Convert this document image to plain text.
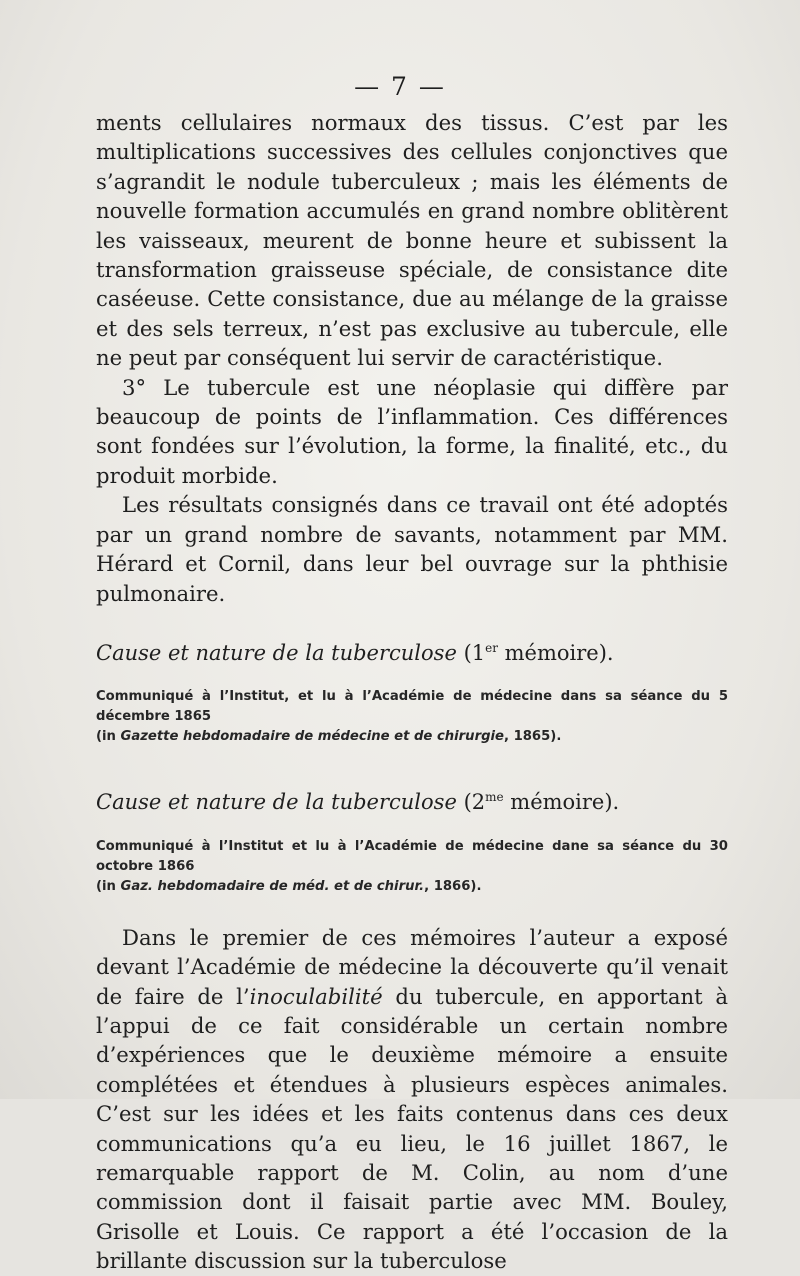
— 7 —

ments cellulaires normaux des tissus. C’est par les multiplications successives des cellules conjonctives que s’agrandit le nodule tuberculeux ; mais les éléments de nouvelle formation accumulés en grand nombre oblitèrent les vaisseaux, meurent de bonne heure et subissent la transformation graisseuse spéciale, de consistance dite caséeuse. Cette consistance, due au mélange de la graisse et des sels terreux, n’est pas exclusive au tubercule, elle ne peut par conséquent lui servir de caractéristique.

3° Le tubercule est une néoplasie qui diffère par beaucoup de points de l’inflammation. Ces différences sont fondées sur l’évolution, la forme, la finalité, etc., du produit morbide.

Les résultats consignés dans ce travail ont été adoptés par un grand nombre de savants, notamment par MM. Hérard et Cornil, dans leur bel ouvrage sur la phthisie pulmonaire.

Cause et nature de la tuberculose (1er mémoire).

Communiqué à l’Institut, et lu à l’Académie de médecine dans sa séance du 5 décembre 1865

(in Gazette hebdomadaire de médecine et de chirurgie, 1865).

Cause et nature de la tuberculose ($2^{me}$ mémoire).

Communiqué à l’Institut et lu à l’Académie de médecine dane sa séance du 30 octobre 1866

(in Gaz. hebdomadaire de méd. et de chirur., 1866).

Dans le premier de ces mémoires l’auteur a exposé devant l’Académie de médecine la découverte qu’il venait de faire de l’inoculabilité du tubercule, en apportant à l’appui de ce fait considérable un certain nombre d’expériences que le deuxième mémoire a ensuite complétées et étendues à plusieurs espèces animales. C’est sur les idées et les faits contenus dans ces deux communications qu’a eu lieu, le 16 juillet 1867, le remarquable rapport de M. Colin, au nom d’une commission dont il faisait partie avec MM. Bouley, Grisolle et Louis. Ce rapport a été l’occasion de la brillante discussion sur la tuberculose
